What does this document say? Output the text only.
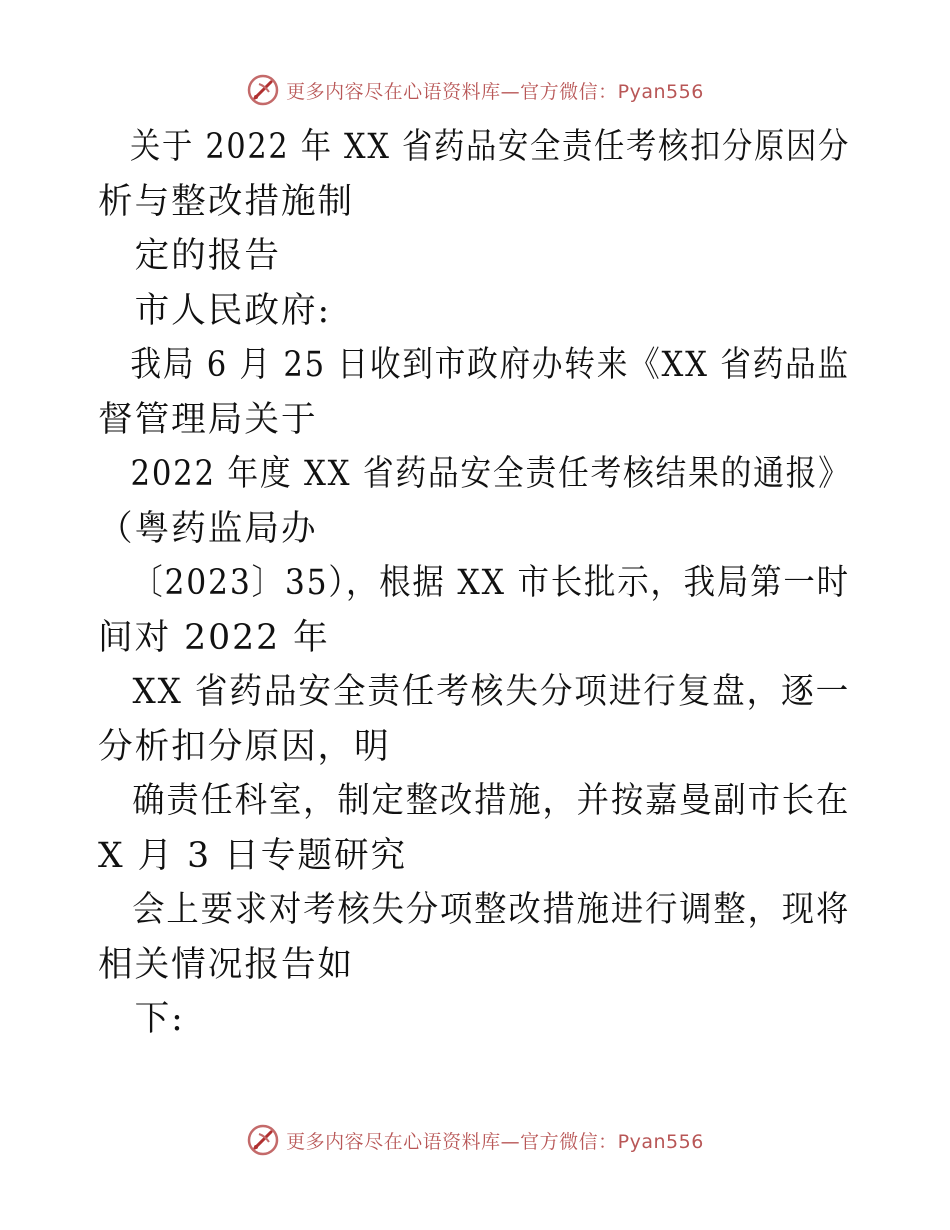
更多内容尽在心语资料库—官方微信：Pyan556
关于 2022 年 XX 省药品安全责任考核扣分原因分
析与整改措施制
定的报告
市人民政府:
我局 6 月 25 日收到市政府办转来《XX 省药品监
督管理局关于
2022 年度 XX 省药品安全责任考核结果的通报》
（粤药监局办
〔2023〕35），根据 XX 市长批示，我局第一时
间对 2022 年
XX 省药品安全责任考核失分项进行复盘，逐一
分析扣分原因，明
确责任科室，制定整改措施，并按嘉曼副市长在
X 月 3 日专题研究
会上要求对考核失分项整改措施进行调整，现将
相关情况报告如
下:
更多内容尽在心语资料库—官方微信：Pyan556
